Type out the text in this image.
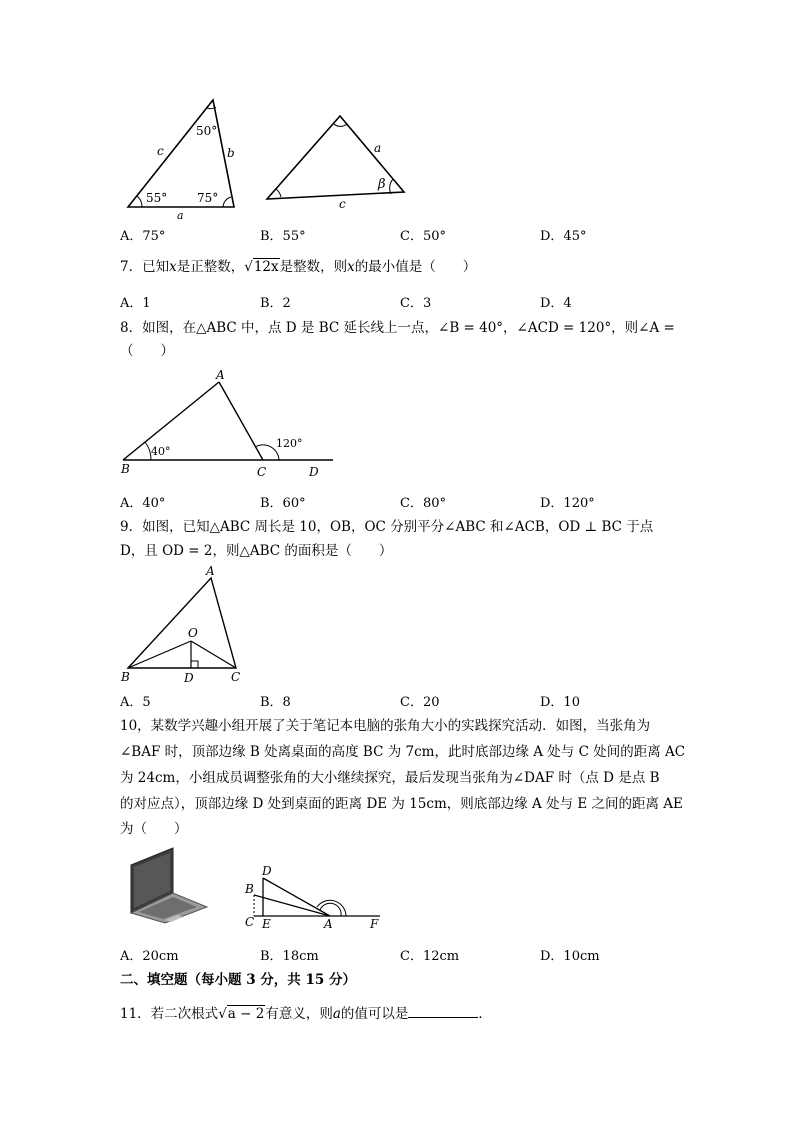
50°
55° 75°
c	b
a
a
c
β
A．75°	B．55°	C．50°	D．45°
7．已知x是正整数，√12x是整数，则x的最小值是（　　）
A．1	B．2	C．3	D．4
8．如图，在△ABC 中，点 D 是 BC 延长线上一点，∠B = 40°，∠ACD = 120°，则∠A =
（　　）
A
B	C	D
40°
120°
A．40°	B．60°	C．80°	D．120°
9．如图，已知△ABC 周长是 10，OB，OC 分别平分∠ABC 和∠ACB，OD ⊥ BC 于点
D，且 OD = 2，则△ABC 的面积是（　　）
A
B	C
D
O
A．5	B．8	C．20	D．10
10，某数学兴趣小组开展了关于笔记本电脑的张角大小的实践探究活动．如图，当张角为
∠BAF 时，顶部边缘 B 处离桌面的高度 BC 为 7cm，此时底部边缘 A 处与 C 处间的距离 AC
为 24cm，小组成员调整张角的大小继续探究，最后发现当张角为∠DAF 时（点 D 是点 B
的对应点），顶部边缘 D 处到桌面的距离 DE 为 15cm，则底部边缘 A 处与 E 之间的距离 AE
为（　　）
D
B
C E	A	F
A．20cm	B．18cm	C．12cm	D．10cm
二、填空题（每小题 3 分，共 15 分）
11．若二次根式√a − 2有意义，则a的值可以是	．
